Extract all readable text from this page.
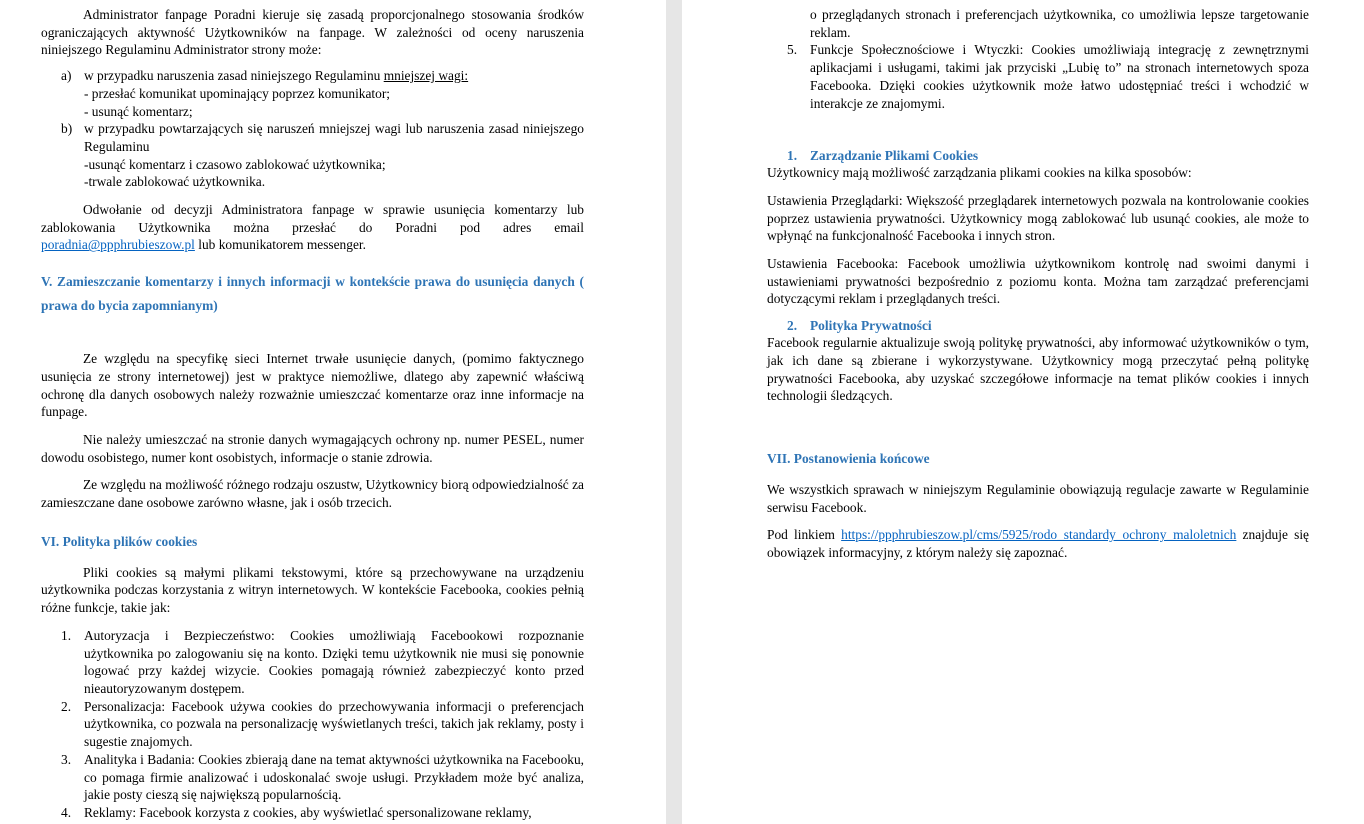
Administrator fanpage Poradni kieruje się zasadą proporcjonalnego stosowania środków ograniczających aktywność Użytkowników na fanpage. W zależności od oceny naruszenia niniejszego Regulaminu Administrator strony może:

a) w przypadku naruszenia zasad niniejszego Regulaminu mniejszej wagi:
- przesłać komunikat upominający poprzez komunikator;
- usunąć komentarz;
b) w przypadku powtarzających się naruszeń mniejszej wagi lub naruszenia zasad niniejszego Regulaminu
-usunąć komentarz i czasowo zablokować użytkownika;
-trwale zablokować użytkownika.

Odwołanie od decyzji Administratora fanpage w sprawie usunięcia komentarzy lub zablokowania Użytkownika można przesłać do Poradni pod adres email poradnia@ppphrubieszow.pl lub komunikatorem messenger.

V. Zamieszczanie komentarzy i innych informacji w kontekście prawa do usunięcia danych ( prawa do bycia zapomnianym)

Ze względu na specyfikę sieci Internet trwałe usunięcie danych, (pomimo faktycznego usunięcia ze strony internetowej) jest w praktyce niemożliwe, dlatego aby zapewnić właściwą ochronę dla danych osobowych należy rozważnie umieszczać komentarze oraz inne informacje na funpage.

Nie należy umieszczać na stronie danych wymagających ochrony np. numer PESEL, numer dowodu osobistego, numer kont osobistych, informacje o stanie zdrowia.

Ze względu na możliwość różnego rodzaju oszustw, Użytkownicy biorą odpowiedzialność za zamieszczane dane osobowe zarówno własne, jak i osób trzecich.

VI. Polityka plików cookies

Pliki cookies są małymi plikami tekstowymi, które są przechowywane na urządzeniu użytkownika podczas korzystania z witryn internetowych. W kontekście Facebooka, cookies pełnią różne funkcje, takie jak:

1. Autoryzacja i Bezpieczeństwo: Cookies umożliwiają Facebookowi rozpoznanie użytkownika po zalogowaniu się na konto. Dzięki temu użytkownik nie musi się ponownie logować przy każdej wizycie. Cookies pomagają również zabezpieczyć konto przed nieautoryzowanym dostępem.
2. Personalizacja: Facebook używa cookies do przechowywania informacji o preferencjach użytkownika, co pozwala na personalizację wyświetlanych treści, takich jak reklamy, posty i sugestie znajomych.
3. Analityka i Badania: Cookies zbierają dane na temat aktywności użytkownika na Facebooku, co pomaga firmie analizować i udoskonalać swoje usługi. Przykładem może być analiza, jakie posty cieszą się największą popularnością.
4. Reklamy: Facebook korzysta z cookies, aby wyświetlać spersonalizowane reklamy,
o przeglądanych stronach i preferencjach użytkownika, co umożliwia lepsze targetowanie reklam.
5. Funkcje Społecznościowe i Wtyczki: Cookies umożliwiają integrację z zewnętrznymi aplikacjami i usługami, takimi jak przyciski „Lubię to” na stronach internetowych spoza Facebooka. Dzięki cookies użytkownik może łatwo udostępniać treści i wchodzić w interakcje ze znajomymi.
1. Zarządzanie Plikami Cookies

Użytkownicy mają możliwość zarządzania plikami cookies na kilka sposobów:

Ustawienia Przeglądarki: Większość przeglądarek internetowych pozwala na kontrolowanie cookies poprzez ustawienia prywatności. Użytkownicy mogą zablokować lub usunąć cookies, ale może to wpłynąć na funkcjonalność Facebooka i innych stron.

Ustawienia Facebooka: Facebook umożliwia użytkownikom kontrolę nad swoimi danymi i ustawieniami prywatności bezpośrednio z poziomu konta. Można tam zarządzać preferencjami dotyczącymi reklam i przeglądanych treści.

2. Polityka Prywatności

Facebook regularnie aktualizuje swoją politykę prywatności, aby informować użytkowników o tym, jak ich dane są zbierane i wykorzystywane. Użytkownicy mogą przeczytać pełną politykę prywatności Facebooka, aby uzyskać szczegółowe informacje na temat plików cookies i innych technologii śledzących.

VII. Postanowienia końcowe

We wszystkich sprawach w niniejszym Regulaminie obowiązują regulacje zawarte w Regulaminie serwisu Facebook.

Pod linkiem https://ppphrubieszow.pl/cms/5925/rodo_standardy_ochrony_maloletnich znajduje się obowiązek informacyjny, z którym należy się zapoznać.
